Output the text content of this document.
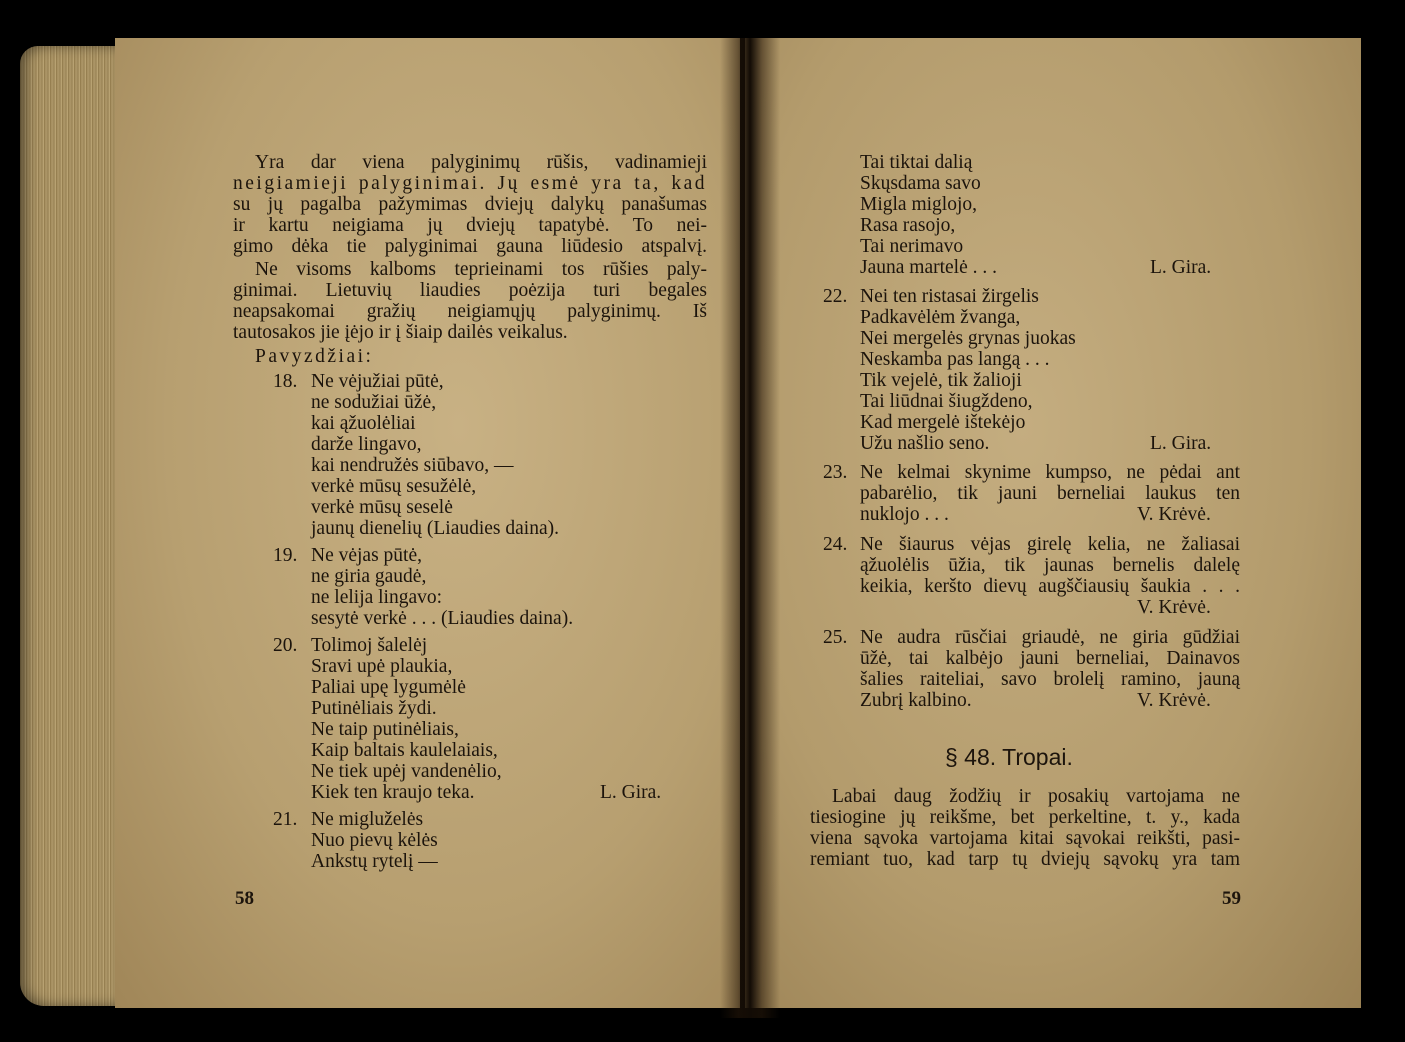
Yra dar viena palyginimų rūšis, vadinamieji
neigiamieji palyginimai. Jų esmė yra ta, kad
su jų pagalba pažymimas dviejų dalykų panašumas
ir kartu neigiama jų dviejų tapatybė. To nei-
gimo dėka tie palyginimai gauna liūdesio atspalvį.
Ne visoms kalboms teprieinami tos rūšies paly-
ginimai. Lietuvių liaudies poėzija turi begales
neapsakomai gražių neigiamųjų palyginimų. Iš
tautosakos jie įėjo ir į šiaip dailės veikalus.
Pavyzdžiai:
18. Ne vėjužiai pūtė,
ne sodužiai ūžė,
kai ąžuolėliai
darže lingavo,
kai nendružės siūbavo, —
verkė mūsų sesužėlė,
verkė mūsų seselė
jaunų dienelių (Liaudies daina).
19. Ne vėjas pūtė,
ne giria gaudė,
ne lelija lingavo:
sesytė verkė . . . (Liaudies daina).
20. Tolimoj šalelėj
Sravi upė plaukia,
Paliai upę lygumėlė
Putinėliais žydi.
Ne taip putinėliais,
Kaip baltais kaulelaiais,
Ne tiek upėj vandenėlio,
Kiek ten kraujo teka.	L. Gira.
21. Ne migluželės
Nuo pievų kėlės
Ankstų rytelį —
58
Tai tiktai dalią
Skųsdama savo
Migla miglojo,
Rasa rasojo,
Tai nerimavo
Jauna martelė . . .	L. Gira.
22. Nei ten ristasai žirgelis
Padkavėlėm žvanga,
Nei mergelės grynas juokas
Neskamba pas langą . . .
Tik vejelė, tik žalioji
Tai liūdnai šiugždeno,
Kad mergelė ištekėjo
Užu našlio seno.	L. Gira.
23. Ne kelmai skynime kumpso, ne pėdai ant
pabarėlio, tik jauni berneliai laukus ten
nuklojo . . .	V. Krėvė.
24. Ne šiaurus vėjas girelę kelia, ne žaliasai
ąžuolėlis ūžia, tik jaunas bernelis dalelę
keikia, keršto dievų augščiausių šaukia . . .
V. Krėvė.
25. Ne audra rūsčiai griaudė, ne giria gūdžiai
ūžė, tai kalbėjo jauni berneliai, Dainavos
šalies raiteliai, savo brolelį ramino, jauną
Zubrį kalbino.	V. Krėvė.
§ 48. Tropai.
Labai daug žodžių ir posakių vartojama ne
tiesiogine jų reikšme, bet perkeltine, t. y., kada
viena sąvoka vartojama kitai sąvokai reikšti, pasi-
remiant tuo, kad tarp tų dviejų sąvokų yra tam
59
